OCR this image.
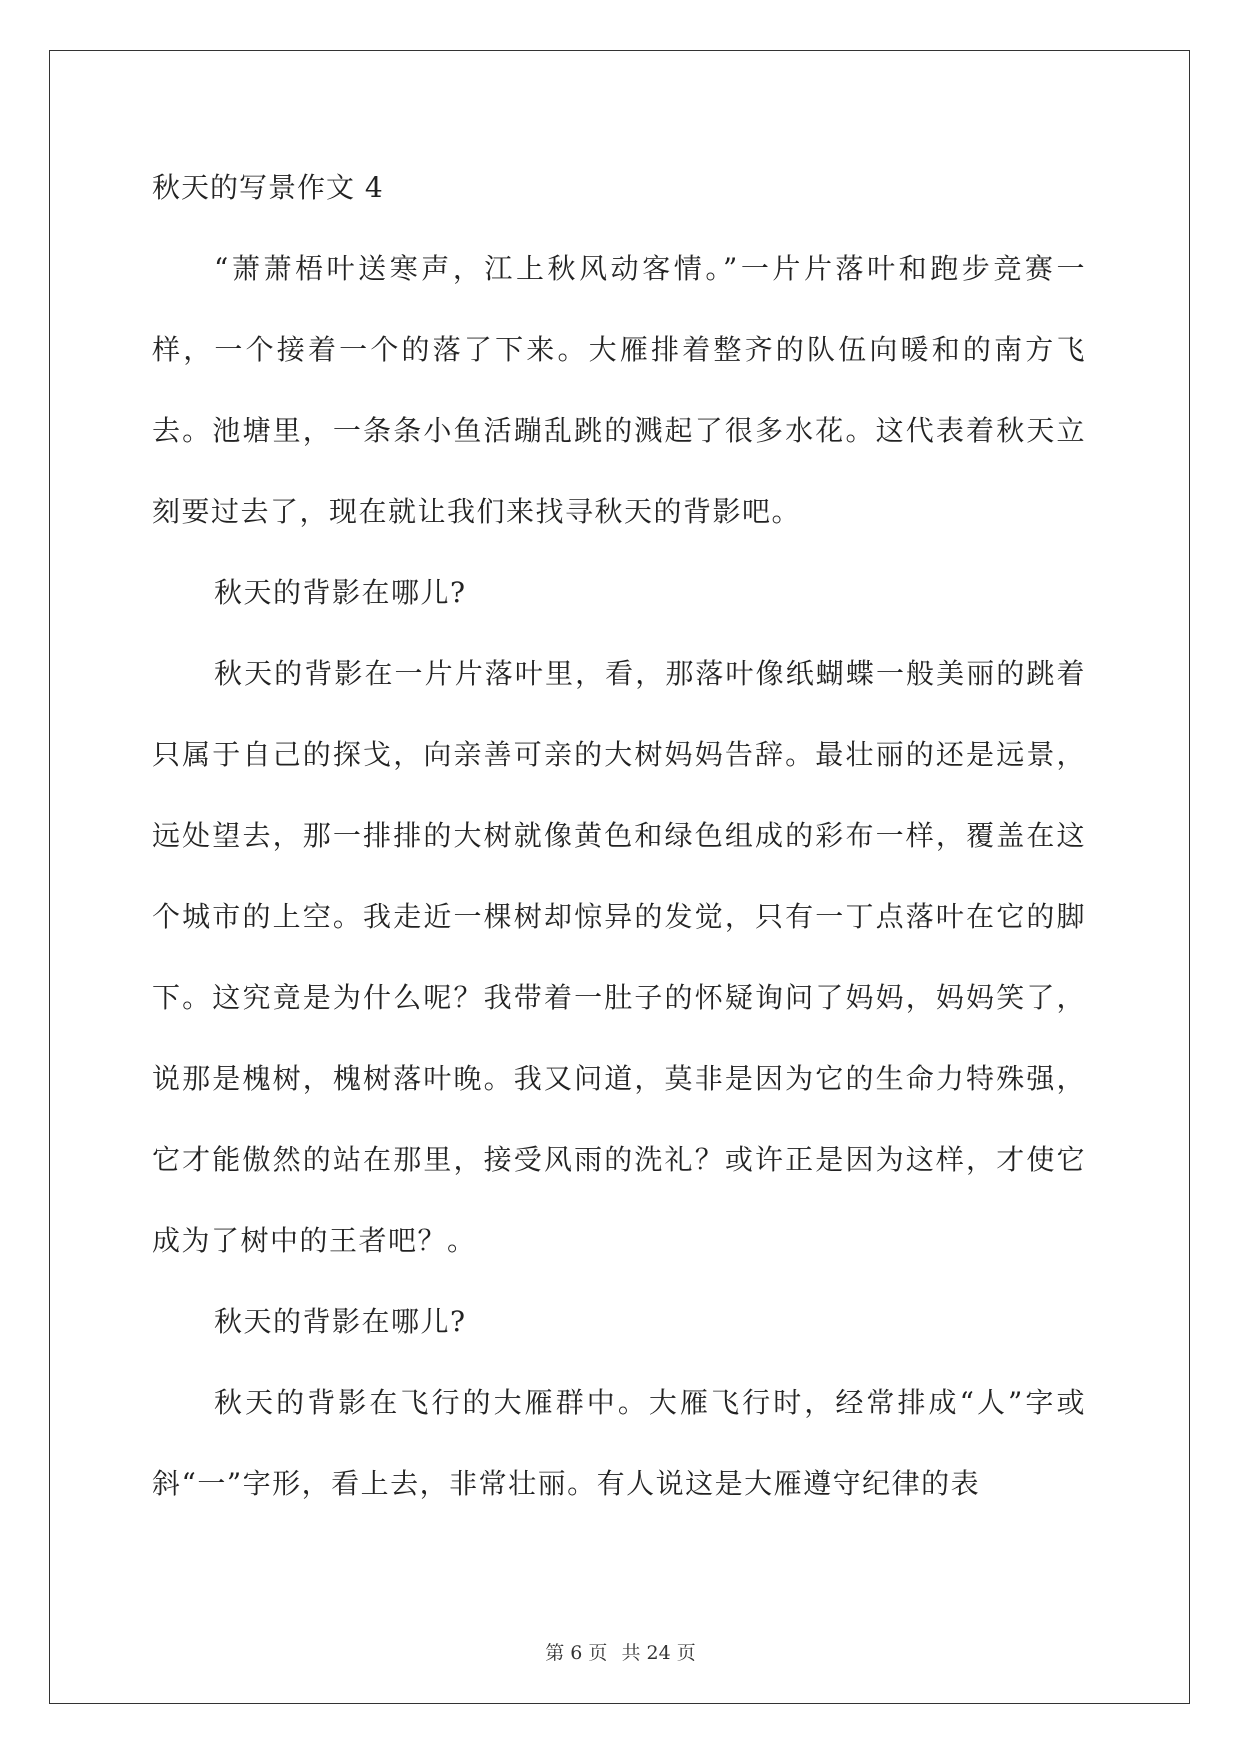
秋天的写景作文 4

“萧萧梧叶送寒声，江上秋风动客情。”一片片落叶和跑步竞赛一样，一个接着一个的落了下来。大雁排着整齐的队伍向暖和的南方飞去。池塘里，一条条小鱼活蹦乱跳的溅起了很多水花。这代表着秋天立刻要过去了，现在就让我们来找寻秋天的背影吧。

秋天的背影在哪儿?

秋天的背影在一片片落叶里，看，那落叶像纸蝴蝶一般美丽的跳着只属于自己的探戈，向亲善可亲的大树妈妈告辞。最壮丽的还是远景，远处望去，那一排排的大树就像黄色和绿色组成的彩布一样，覆盖在这个城市的上空。我走近一棵树却惊异的发觉，只有一丁点落叶在它的脚下。这究竟是为什么呢？我带着一肚子的怀疑询问了妈妈，妈妈笑了，说那是槐树，槐树落叶晚。我又问道，莫非是因为它的生命力特殊强，它才能傲然的站在那里，接受风雨的洗礼？或许正是因为这样，才使它成为了树中的王者吧？。

秋天的背影在哪儿?

秋天的背影在飞行的大雁群中。大雁飞行时，经常排成“人”字或斜“一”字形，看上去，非常壮丽。有人说这是大雁遵守纪律的表

第 6 页 共 24 页
